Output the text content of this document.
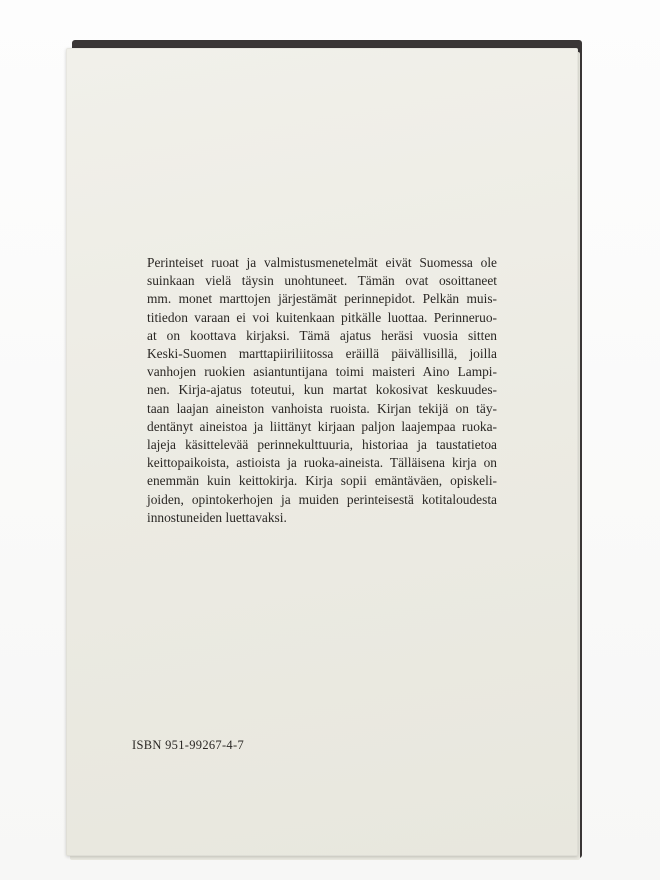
Perinteiset ruoat ja valmistusmenetelmät eivät Suomessa ole
suinkaan vielä täysin unohtuneet. Tämän ovat osoittaneet
mm. monet marttojen järjestämät perinnepidot. Pelkän muis-
titiedon varaan ei voi kuitenkaan pitkälle luottaa. Perinneruo-
at on koottava kirjaksi. Tämä ajatus heräsi vuosia sitten
Keski-Suomen marttapiiriliitossa eräillä päivällisillä, joilla
vanhojen ruokien asiantuntijana toimi maisteri Aino Lampi-
nen. Kirja-ajatus toteutui, kun martat kokosivat keskuudes-
taan laajan aineiston vanhoista ruoista. Kirjan tekijä on täy-
dentänyt aineistoa ja liittänyt kirjaan paljon laajempaa ruoka-
lajeja käsittelevää perinnekulttuuria, historiaa ja taustatietoa
keittopaikoista, astioista ja ruoka-aineista. Tälläisena kirja on
enemmän kuin keittokirja. Kirja sopii emäntäväen, opiskeli-
joiden, opintokerhojen ja muiden perinteisestä kotitaloudesta
innostuneiden luettavaksi.

ISBN 951-99267-4-7
